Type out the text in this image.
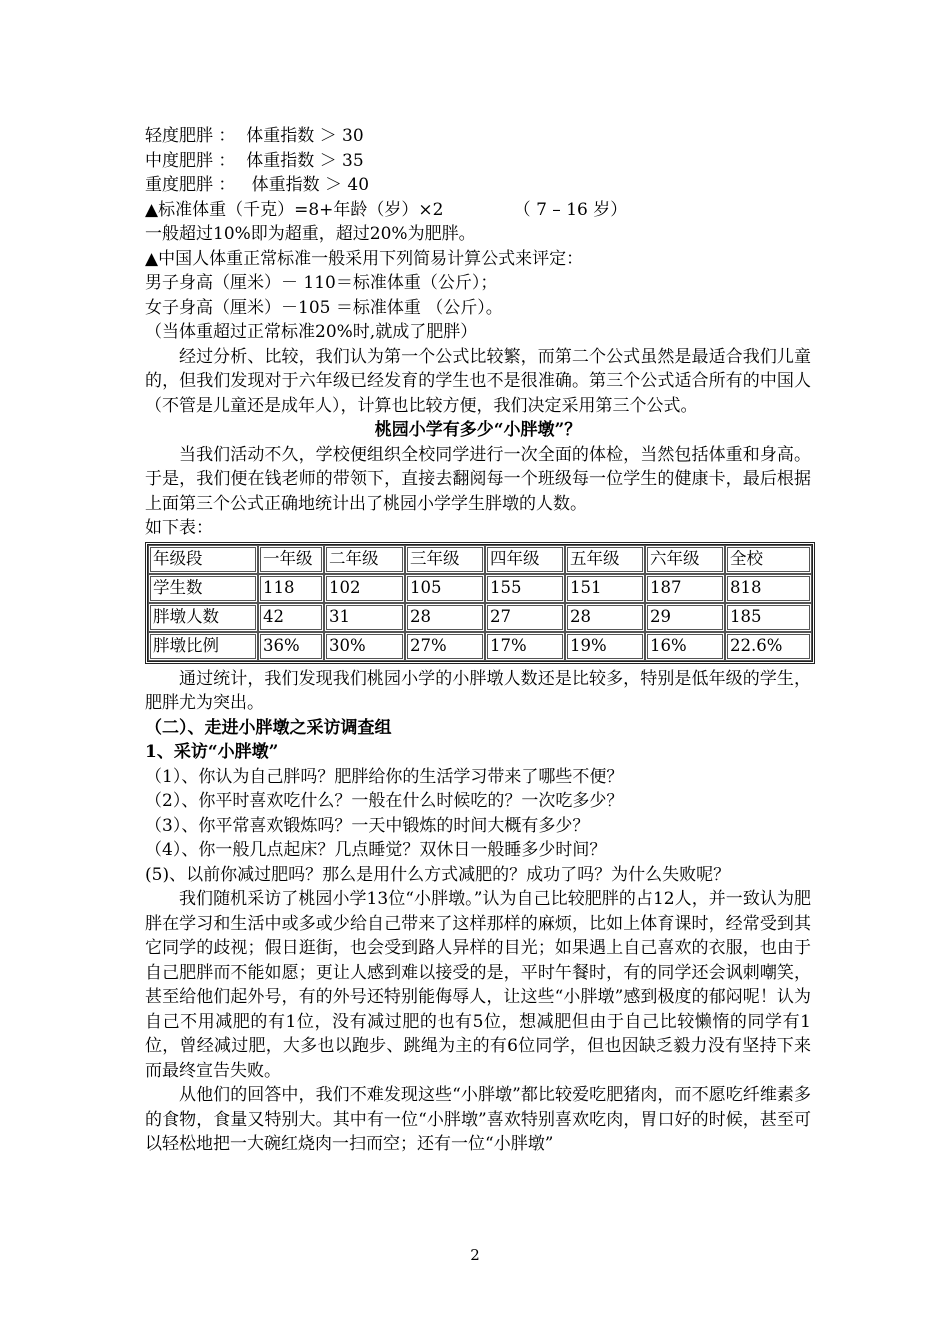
轻度肥胖 ：  体重指数 ＞ 30
中度肥胖 ：  体重指数 ＞ 35
重度肥胖 ：   体重指数 ＞ 40
▲标准体重（千克）=8+年龄（岁）×2             （ 7 – 16 岁）
一般超过10%即为超重，超过20%为肥胖。
▲中国人体重正常标准一般采用下列简易计算公式来评定：
男子身高（厘米）－ 110＝标准体重（公斤）；
女子身高（厘米）－105 ＝标准体重 （公斤）。
（当体重超过正常标准20%时,就成了肥胖）

经过分析、比较，我们认为第一个公式比较繁，而第二个公式虽然是最适合我们儿童的，但我们发现对于六年级已经发育的学生也不是很准确。第三个公式适合所有的中国人（不管是儿童还是成年人），计算也比较方便，我们决定采用第三个公式。

桃园小学有多少“小胖墩”？

当我们活动不久，学校便组织全校同学进行一次全面的体检，当然包括体重和身高。于是，我们便在钱老师的带领下，直接去翻阅每一个班级每一位学生的健康卡，最后根据上面第三个公式正确地统计出了桃园小学学生胖墩的人数。

如下表：
年级段	一年级	二年级	三年级	四年级	五年级	六年级	全校
学生数	118	102	105	155	151	187	818
胖墩人数	42	31	28	27	28	29	185
胖墩比例	36%	30%	27%	17%	19%	16%	22.6%

通过统计，我们发现我们桃园小学的小胖墩人数还是比较多，特别是低年级的学生，肥胖尤为突出。

（二）、走进小胖墩之采访调查组

1、采访“小胖墩”

（1）、你认为自己胖吗？肥胖给你的生活学习带来了哪些不便？
（2）、你平时喜欢吃什么？一般在什么时候吃的？一次吃多少？
（3）、你平常喜欢锻炼吗？一天中锻炼的时间大概有多少？
（4）、你一般几点起床？几点睡觉？双休日一般睡多少时间？
(5)、以前你减过肥吗？那么是用什么方式减肥的？成功了吗？为什么失败呢？

我们随机采访了桃园小学13位“小胖墩。”认为自己比较肥胖的占12人，并一致认为肥胖在学习和生活中或多或少给自己带来了这样那样的麻烦，比如上体育课时，经常受到其它同学的歧视；假日逛街，也会受到路人异样的目光；如果遇上自己喜欢的衣服，也由于自己肥胖而不能如愿；更让人感到难以接受的是，平时午餐时，有的同学还会讽刺嘲笑，甚至给他们起外号，有的外号还特别能侮辱人，让这些“小胖墩”感到极度的郁闷呢！认为自己不用减肥的有1位，没有减过肥的也有5位，想减肥但由于自己比较懒惰的同学有1位，曾经减过肥，大多也以跑步、跳绳为主的有6位同学，但也因缺乏毅力没有坚持下来而最终宣告失败。

从他们的回答中，我们不难发现这些“小胖墩”都比较爱吃肥猪肉，而不愿吃纤维素多的食物，食量又特别大。其中有一位“小胖墩”喜欢特别喜欢吃肉，胃口好的时候，甚至可以轻松地把一大碗红烧肉一扫而空；还有一位“小胖墩”

2
